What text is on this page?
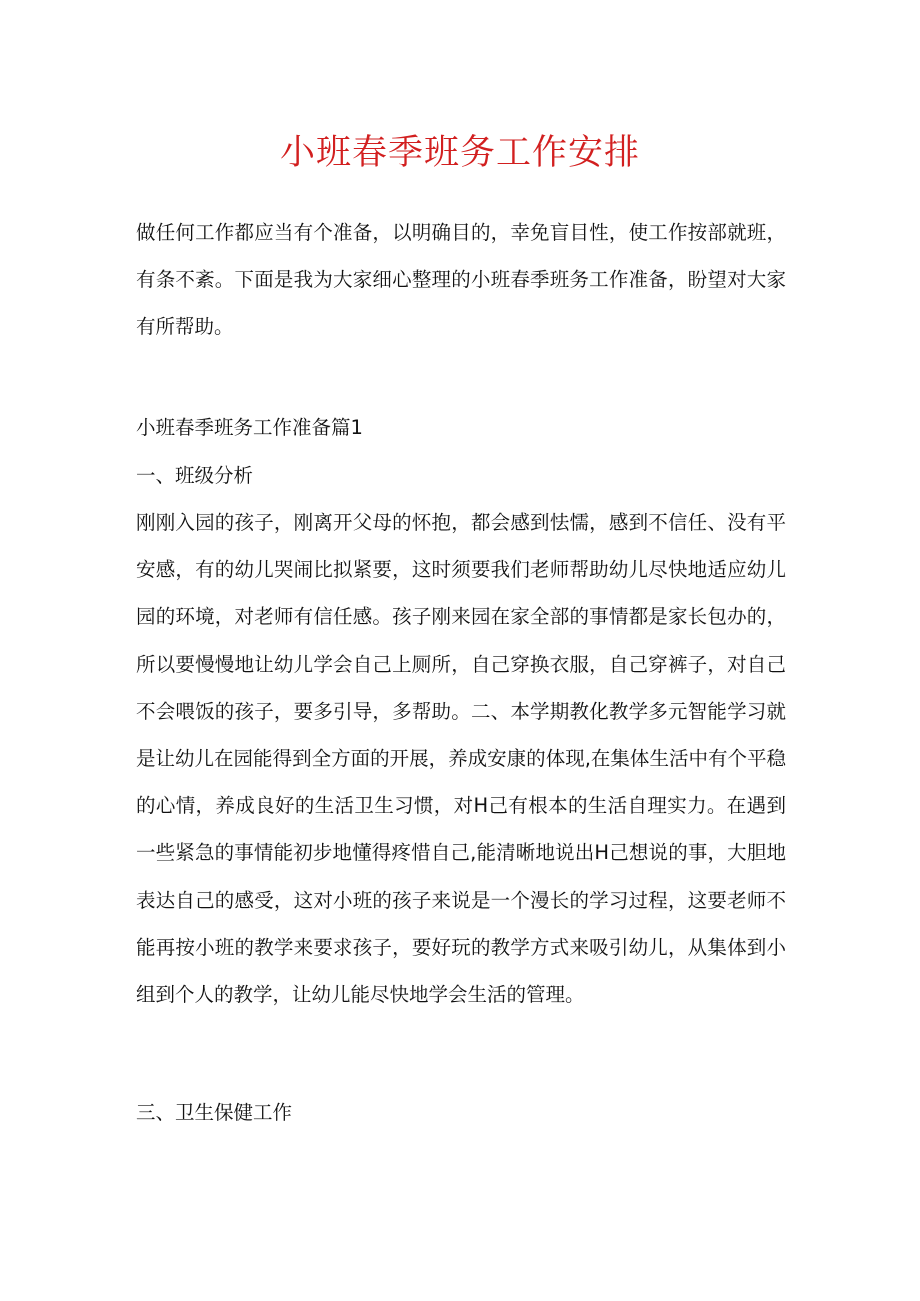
小班春季班务工作安排

做任何工作都应当有个准备，以明确目的，幸免盲目性，使工作按部就班，有条不紊。下面是我为大家细心整理的小班春季班务工作准备，盼望对大家有所帮助。

小班春季班务工作准备篇1

一、班级分析

刚刚入园的孩子，刚离开父母的怀抱，都会感到怯懦，感到不信任、没有平安感，有的幼儿哭闹比拟紧要，这时须要我们老师帮助幼儿尽快地适应幼儿园的环境，对老师有信任感。孩子刚来园在家全部的事情都是家长包办的，所以要慢慢地让幼儿学会自己上厕所，自己穿换衣服，自己穿裤子，对自己不会喂饭的孩子，要多引导，多帮助。二、本学期教化教学多元智能学习就是让幼儿在园能得到全方面的开展，养成安康的体现,在集体生活中有个平稳的心情，养成良好的生活卫生习惯，对H己有根本的生活自理实力。在遇到一些紧急的事情能初步地懂得疼惜自己,能清晰地说出H己想说的事，大胆地表达自己的感受，这对小班的孩子来说是一个漫长的学习过程，这要老师不能再按小班的教学来要求孩子，要好玩的教学方式来吸引幼儿，从集体到小组到个人的教学，让幼儿能尽快地学会生活的管理。

三、卫生保健工作
